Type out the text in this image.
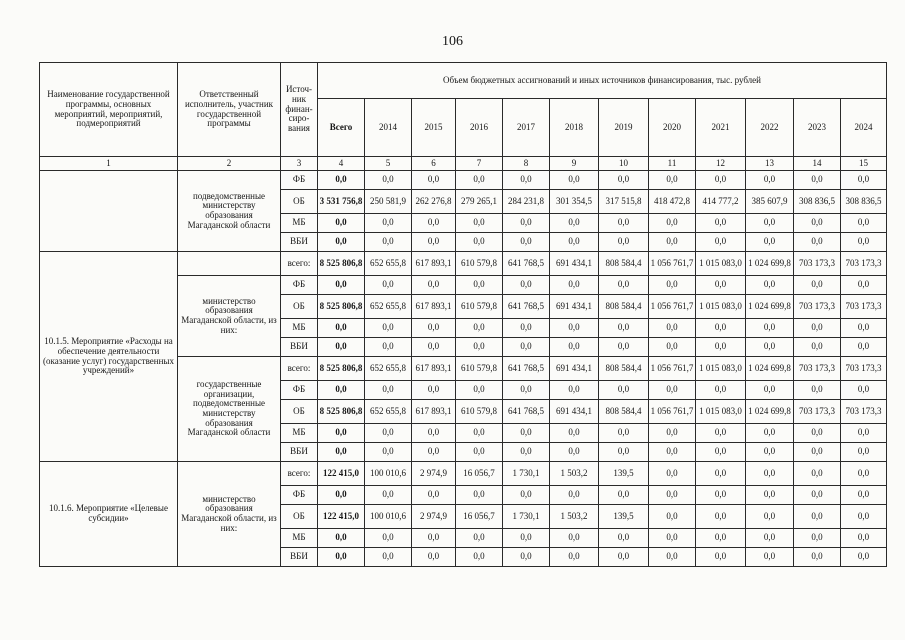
106
Наименование государственной программы, основных мероприятий, мероприятий, подмероприятий	Ответственный исполнитель, участник государственной программы	Источ-ник финан-сиро-вания	Объем бюджетных ассигнований и иных источников финансирования, тыс. рублей											
			Всего	2014	2015	2016	2017	2018	2019	2020	2021	2022	2023	2024
1	2	3	4	5	6	7	8	9	10	11	12	13	14	15
	подведомственные министерству образования Магаданской области	ФБ	0,0	0,0	0,0	0,0	0,0	0,0	0,0	0,0	0,0	0,0	0,0	0,0
		ОБ	3 531 756,8	250 581,9	262 276,8	279 265,1	284 231,8	301 354,5	317 515,8	418 472,8	414 777,2	385 607,9	308 836,5	308 836,5
		МБ	0,0	0,0	0,0	0,0	0,0	0,0	0,0	0,0	0,0	0,0	0,0	0,0
		ВБИ	0,0	0,0	0,0	0,0	0,0	0,0	0,0	0,0	0,0	0,0	0,0	0,0
10.1.5. Мероприятие «Расходы на обеспечение деятельности (оказание услуг) государственных учреждений»		всего:	8 525 806,8	652 655,8	617 893,1	610 579,8	641 768,5	691 434,1	808 584,4	1 056 761,7	1 015 083,0	1 024 699,8	703 173,3	703 173,3
	министерство образования Магаданской области, из них:	ФБ	0,0	0,0	0,0	0,0	0,0	0,0	0,0	0,0	0,0	0,0	0,0	0,0
		ОБ	8 525 806,8	652 655,8	617 893,1	610 579,8	641 768,5	691 434,1	808 584,4	1 056 761,7	1 015 083,0	1 024 699,8	703 173,3	703 173,3
		МБ	0,0	0,0	0,0	0,0	0,0	0,0	0,0	0,0	0,0	0,0	0,0	0,0
		ВБИ	0,0	0,0	0,0	0,0	0,0	0,0	0,0	0,0	0,0	0,0	0,0	0,0
	государственные организации, подведомственные министерству образования Магаданской области	всего:	8 525 806,8	652 655,8	617 893,1	610 579,8	641 768,5	691 434,1	808 584,4	1 056 761,7	1 015 083,0	1 024 699,8	703 173,3	703 173,3
		ФБ	0,0	0,0	0,0	0,0	0,0	0,0	0,0	0,0	0,0	0,0	0,0	0,0
		ОБ	8 525 806,8	652 655,8	617 893,1	610 579,8	641 768,5	691 434,1	808 584,4	1 056 761,7	1 015 083,0	1 024 699,8	703 173,3	703 173,3
		МБ	0,0	0,0	0,0	0,0	0,0	0,0	0,0	0,0	0,0	0,0	0,0	0,0
		ВБИ	0,0	0,0	0,0	0,0	0,0	0,0	0,0	0,0	0,0	0,0	0,0	0,0
10.1.6. Мероприятие «Целевые субсидии»	министерство образования Магаданской области, из них:	всего:	122 415,0	100 010,6	2 974,9	16 056,7	1 730,1	1 503,2	139,5	0,0	0,0	0,0	0,0	0,0
		ФБ	0,0	0,0	0,0	0,0	0,0	0,0	0,0	0,0	0,0	0,0	0,0	0,0
		ОБ	122 415,0	100 010,6	2 974,9	16 056,7	1 730,1	1 503,2	139,5	0,0	0,0	0,0	0,0	0,0
		МБ	0,0	0,0	0,0	0,0	0,0	0,0	0,0	0,0	0,0	0,0	0,0	0,0
		ВБИ	0,0	0,0	0,0	0,0	0,0	0,0	0,0	0,0	0,0	0,0	0,0	0,0
